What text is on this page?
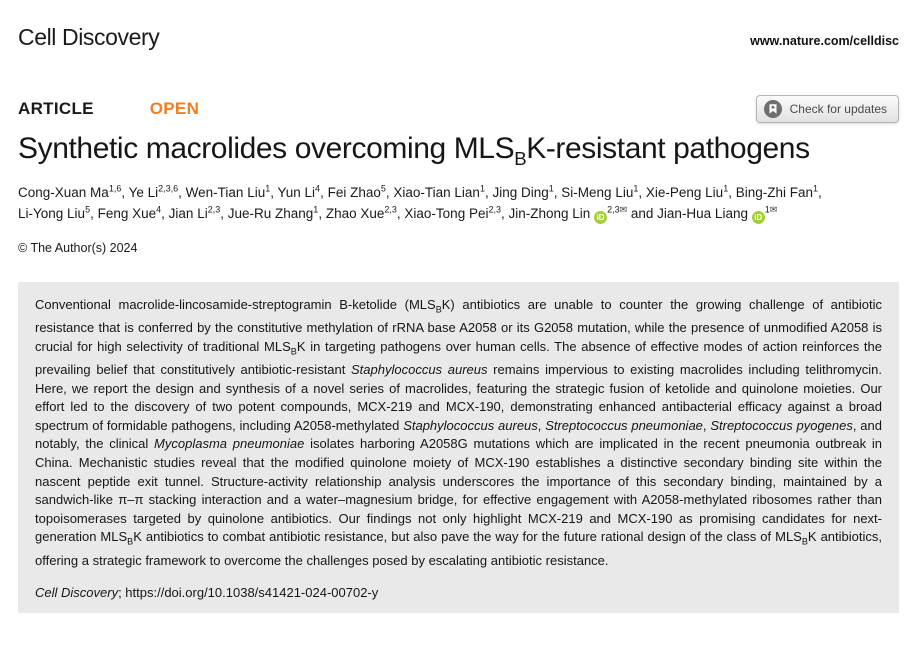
Cell Discovery	www.nature.com/celldisc
ARTICLE	OPEN	Check for updates
Synthetic macrolides overcoming $MLS_BK$-resistant pathogens
Cong-Xuan Ma$^{1,6}$, Ye Li$^{2,3,6}$, Wen-Tian Liu$^1$, Yun Li$^4$, Fei Zhao$^5$, Xiao-Tian Lian$^1$, Jing Ding$^1$, Si-Meng Liu$^1$, Xie-Peng Liu$^1$, Bing-Zhi Fan$^1$,
Li-Yong Liu$^5$, Feng Xue$^4$, Jian Li$^{2,3}$, Jue-Ru Zhang$^1$, Zhao Xue$^{2,3}$, Xiao-Tong Pei$^{2,3}$, Jin-Zhong Lin $iD^{2,3✉}$ and Jian-Hua Liang $iD^{1✉}$
© The Author(s) 2024

Conventional macrolide-lincosamide-streptogramin B-ketolide $(MLS_BK)$ antibiotics are unable to counter the growing challenge of antibiotic resistance that is conferred by the constitutive methylation of rRNA base A2058 or its G2058 mutation, while the presence of unmodified A2058 is crucial for high selectivity of traditional $MLS_BK$ in targeting pathogens over human cells. The absence of effective modes of action reinforces the prevailing belief that constitutively antibiotic-resistant Staphylococcus aureus remains impervious to existing macrolides including telithromycin. Here, we report the design and synthesis of a novel series of macrolides, featuring the strategic fusion of ketolide and quinolone moieties. Our effort led to the discovery of two potent compounds, MCX-219 and MCX-190, demonstrating enhanced antibacterial efficacy against a broad spectrum of formidable pathogens, including A2058-methylated Staphylococcus aureus, Streptococcus pneumoniae, Streptococcus pyogenes, and notably, the clinical Mycoplasma pneumoniae isolates harboring A2058G mutations which are implicated in the recent pneumonia outbreak in China. Mechanistic studies reveal that the modified quinolone moiety of MCX-190 establishes a distinctive secondary binding site within the nascent peptide exit tunnel. Structure-activity relationship analysis underscores the importance of this secondary binding, maintained by a sandwich-like π–π stacking interaction and a water–magnesium bridge, for effective engagement with A2058-methylated ribosomes rather than topoisomerases targeted by quinolone antibiotics. Our findings not only highlight MCX-219 and MCX-190 as promising candidates for next-generation $MLS_BK$ antibiotics to combat antibiotic resistance, but also pave the way for the future rational design of the class of $MLS_BK$ antibiotics, offering a strategic framework to overcome the challenges posed by escalating antibiotic resistance.

Cell Discovery; https://doi.org/10.1038/s41421-024-00702-y
